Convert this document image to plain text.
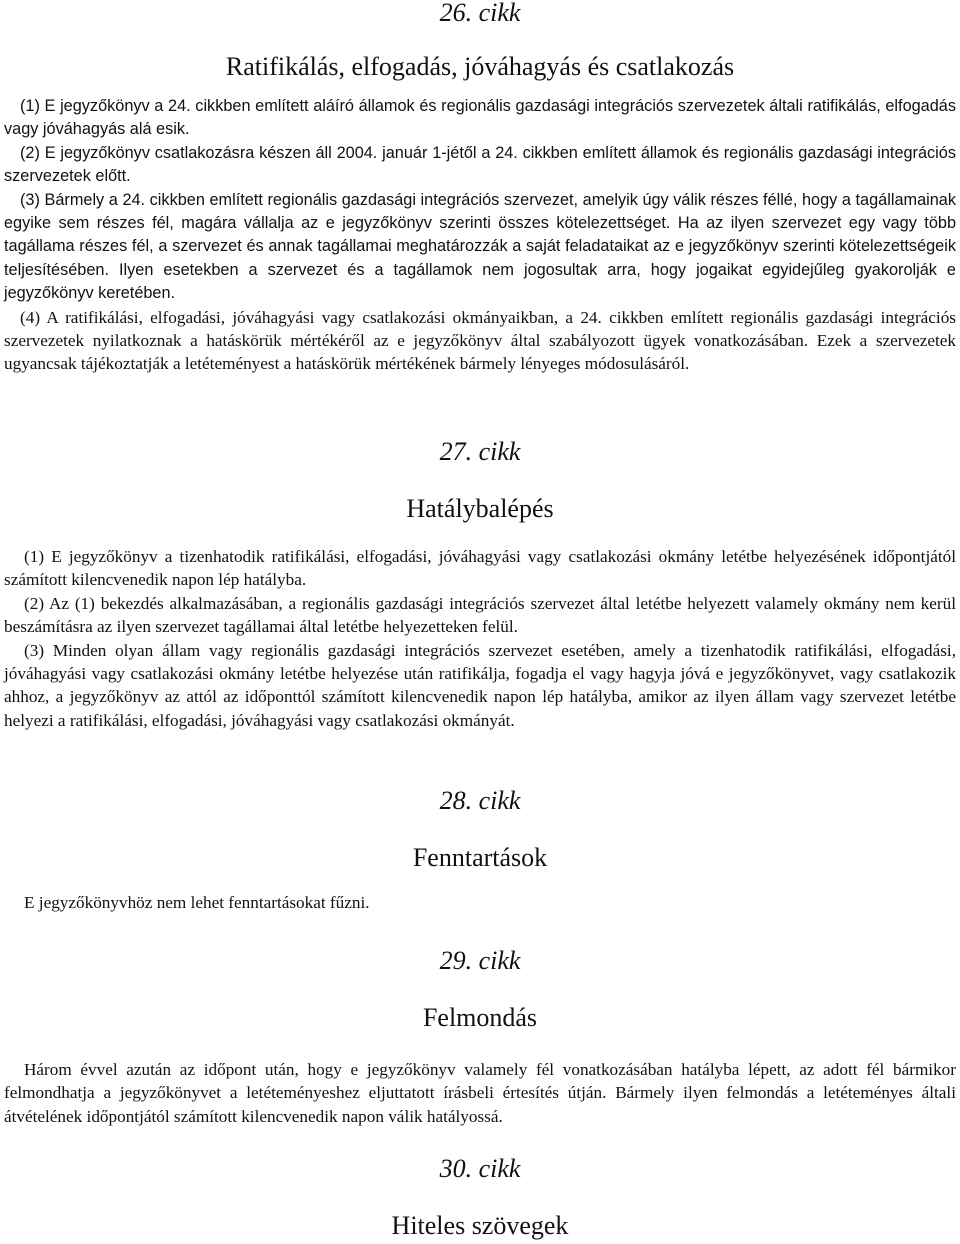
26. cikk
Ratifikálás, elfogadás, jóváhagyás és csatlakozás

(1) E jegyzőkönyv a 24. cikkben említett aláíró államok és regionális gazdasági integrációs szervezetek általi ratifikálás, elfogadás vagy jóváhagyás alá esik.

(2) E jegyzőkönyv csatlakozásra készen áll 2004. január 1-jétől a 24. cikkben említett államok és regionális gazdasági integrációs szervezetek előtt.

(3) Bármely a 24. cikkben említett regionális gazdasági integrációs szervezet, amelyik úgy válik részes féllé, hogy a tagállamainak egyike sem részes fél, magára vállalja az e jegyzőkönyv szerinti összes kötelezettséget. Ha az ilyen szervezet egy vagy több tagállama részes fél, a szervezet és annak tagállamai meghatározzák a saját feladataikat az e jegyzőkönyv szerinti kötelezettségeik teljesítésében. Ilyen esetekben a szervezet és a tagállamok nem jogosultak arra, hogy jogaikat egyidejűleg gyakorolják e jegyzőkönyv keretében.

(4) A ratifikálási, elfogadási, jóváhagyási vagy csatlakozási okmányaikban, a 24. cikkben említett regionális gazdasági integrációs szervezetek nyilatkoznak a hatáskörük mértékéről az e jegyzőkönyv által szabályozott ügyek vonatkozásában. Ezek a szervezetek ugyancsak tájékoztatják a letéteményest a hatáskörük mértékének bármely lényeges módosulásáról.

27. cikk
Hatálybalépés

(1) E jegyzőkönyv a tizenhatodik ratifikálási, elfogadási, jóváhagyási vagy csatlakozási okmány letétbe helyezésének időpontjától számított kilencvenedik napon lép hatályba.

(2) Az (1) bekezdés alkalmazásában, a regionális gazdasági integrációs szervezet által letétbe helyezett valamely okmány nem kerül beszámításra az ilyen szervezet tagállamai által letétbe helyezetteken felül.

(3) Minden olyan állam vagy regionális gazdasági integrációs szervezet esetében, amely a tizenhatodik ratifikálási, elfogadási, jóváhagyási vagy csatlakozási okmány letétbe helyezése után ratifikálja, fogadja el vagy hagyja jóvá e jegyzőkönyvet, vagy csatlakozik ahhoz, a jegyzőkönyv az attól az időponttól számított kilencvenedik napon lép hatályba, amikor az ilyen állam vagy szervezet letétbe helyezi a ratifikálási, elfogadási, jóváhagyási vagy csatlakozási okmányát.

28. cikk
Fenntartások

E jegyzőkönyvhöz nem lehet fenntartásokat fűzni.

29. cikk
Felmondás

Három évvel azután az időpont után, hogy e jegyzőkönyv valamely fél vonatkozásában hatályba lépett, az adott fél bármikor felmondhatja a jegyzőkönyvet a letéteményeshez eljuttatott írásbeli értesítés útján. Bármely ilyen felmondás a letéteményes általi átvételének időpontjától számított kilencvenedik napon válik hatályossá.

30. cikk
Hiteles szövegek
